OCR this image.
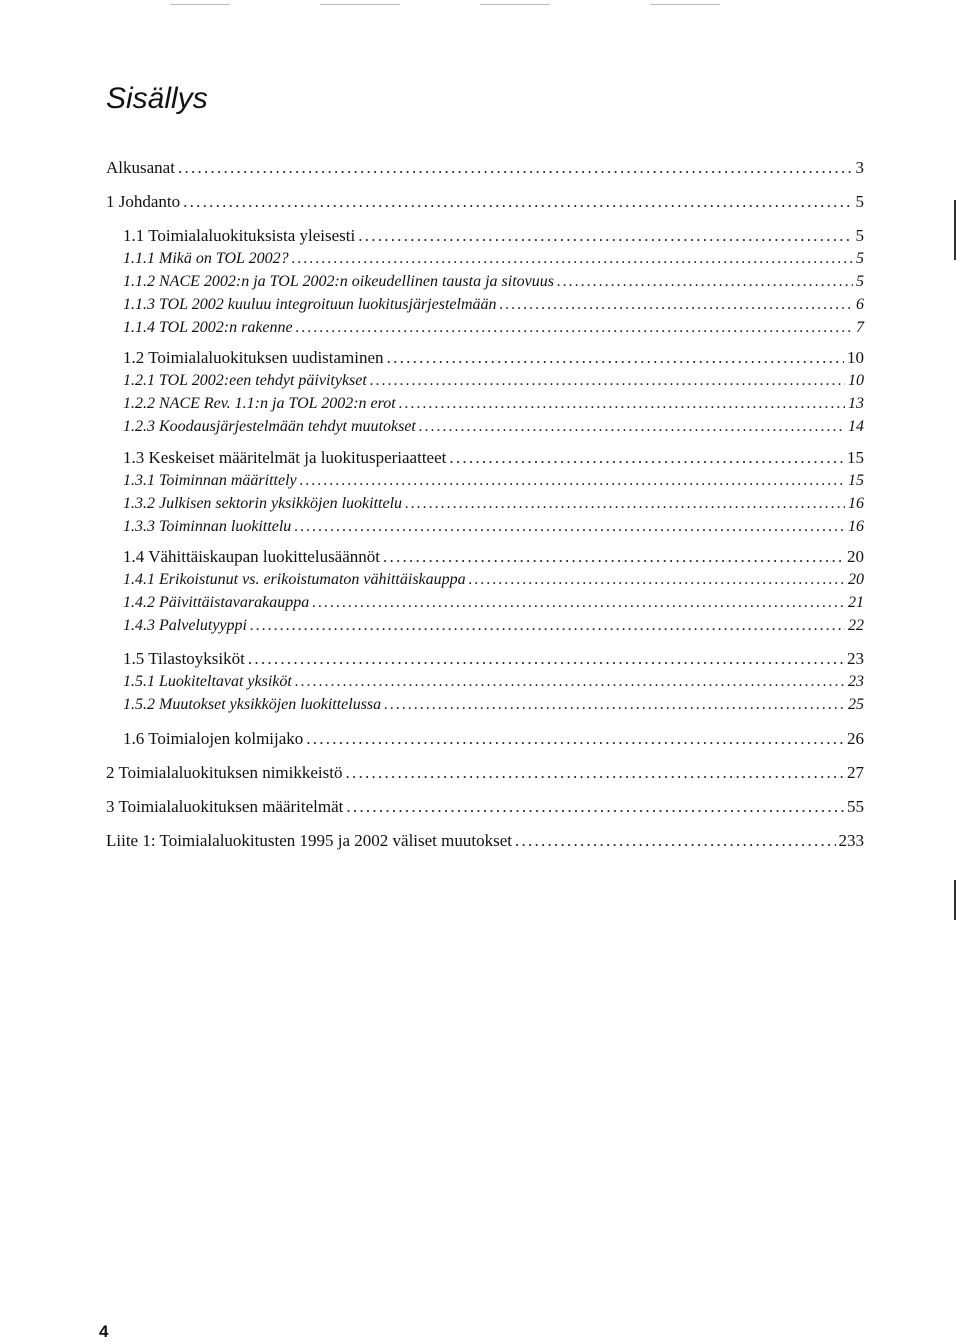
Sisällys
Alkusanat . . .	3
1 Johdanto . . .	5
1.1 Toimialaluokituksista yleisesti . . .	5
1.1.1 Mikä on TOL 2002? . . .	5
1.1.2 NACE 2002:n ja TOL 2002:n oikeudellinen tausta ja sitovuus . . .	5
1.1.3 TOL 2002 kuuluu integroituun luokitusjärjestelmään . . .	6
1.1.4 TOL 2002:n rakenne . . .	7
1.2 Toimialaluokituksen uudistaminen . . .	10
1.2.1 TOL 2002:een tehdyt päivitykset . . .	10
1.2.2 NACE Rev. 1.1:n ja TOL 2002:n erot . . .	13
1.2.3 Koodausjärjestelmään tehdyt muutokset . . .	14
1.3 Keskeiset määritelmät ja luokitusperiaatteet . . .	15
1.3.1 Toiminnan määrittely . . .	15
1.3.2 Julkisen sektorin yksikköjen luokittelu . . .	16
1.3.3 Toiminnan luokittelu . . .	16
1.4 Vähittäiskaupan luokittelusäännöt . . .	20
1.4.1 Erikoistunut vs. erikoistumaton vähittäiskauppa . . .	20
1.4.2 Päivittäistavarakauppa . . .	21
1.4.3 Palvelutyyppi . . .	22
1.5 Tilastoyksiköt . . .	23
1.5.1 Luokiteltavat yksiköt . . .	23
1.5.2 Muutokset yksikköjen luokittelussa . . .	25
1.6 Toimialojen kolmijako . . .	26
2 Toimialaluokituksen nimikkeistö . . .	27
3 Toimialaluokituksen määritelmät . . .	55
Liite 1: Toimialaluokitusten 1995 ja 2002 väliset muutokset . . .	233
4
